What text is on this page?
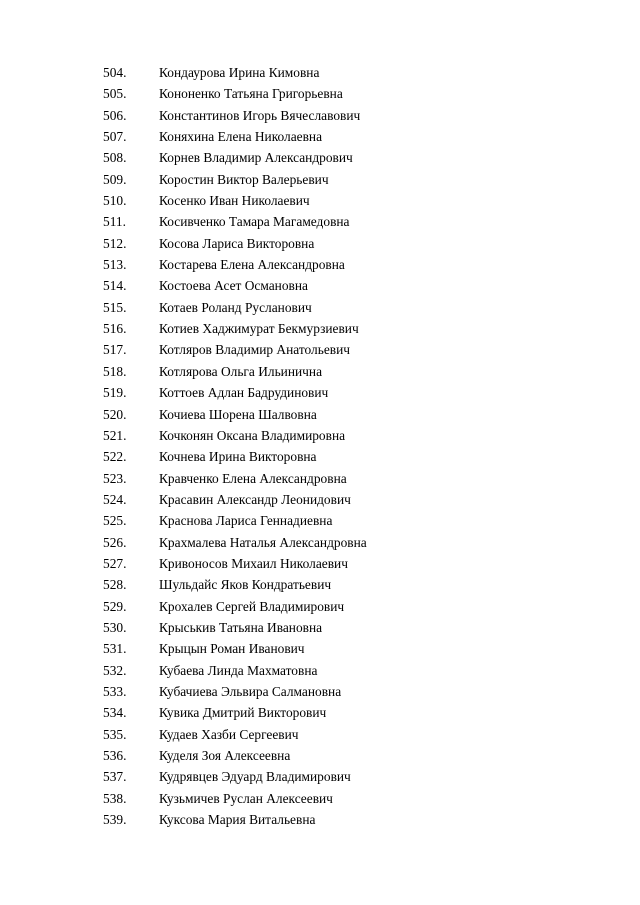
504. Кондаурова Ирина Кимовна
505. Кононенко Татьяна Григорьевна
506. Константинов Игорь Вячеславович
507. Коняхина Елена Николаевна
508. Корнев Владимир Александрович
509. Коростин Виктор Валерьевич
510. Косенко Иван Николаевич
511. Косивченко Тамара Магамедовна
512. Косова Лариса Викторовна
513. Костарева Елена Александровна
514. Костоева Асет Османовна
515. Котаев Роланд Русланович
516. Котиев Хаджимурат Бекмурзиевич
517. Котляров Владимир Анатольевич
518. Котлярова Ольга Ильинична
519. Коттоев Адлан Бадрудинович
520. Кочиева Шорена Шалвовна
521. Кочконян Оксана Владимировна
522. Кочнева Ирина Викторовна
523. Кравченко Елена Александровна
524. Красавин Александр Леонидович
525. Краснова Лариса Геннадиевна
526. Крахмалева Наталья Александровна
527. Кривоносов Михаил Николаевич
528. Шульдайс Яков Кондратьевич
529. Крохалев Сергей Владимирович
530. Крыськив Татьяна Ивановна
531. Крыцын Роман Иванович
532. Кубаева Линда Махматовна
533. Кубачиева Эльвира Салмановна
534. Кувика Дмитрий Викторович
535. Кудаев Хазби Сергеевич
536. Куделя Зоя Алексеевна
537. Кудрявцев Эдуард Владимирович
538. Кузьмичев Руслан Алексеевич
539. Куксова Мария Витальевна
